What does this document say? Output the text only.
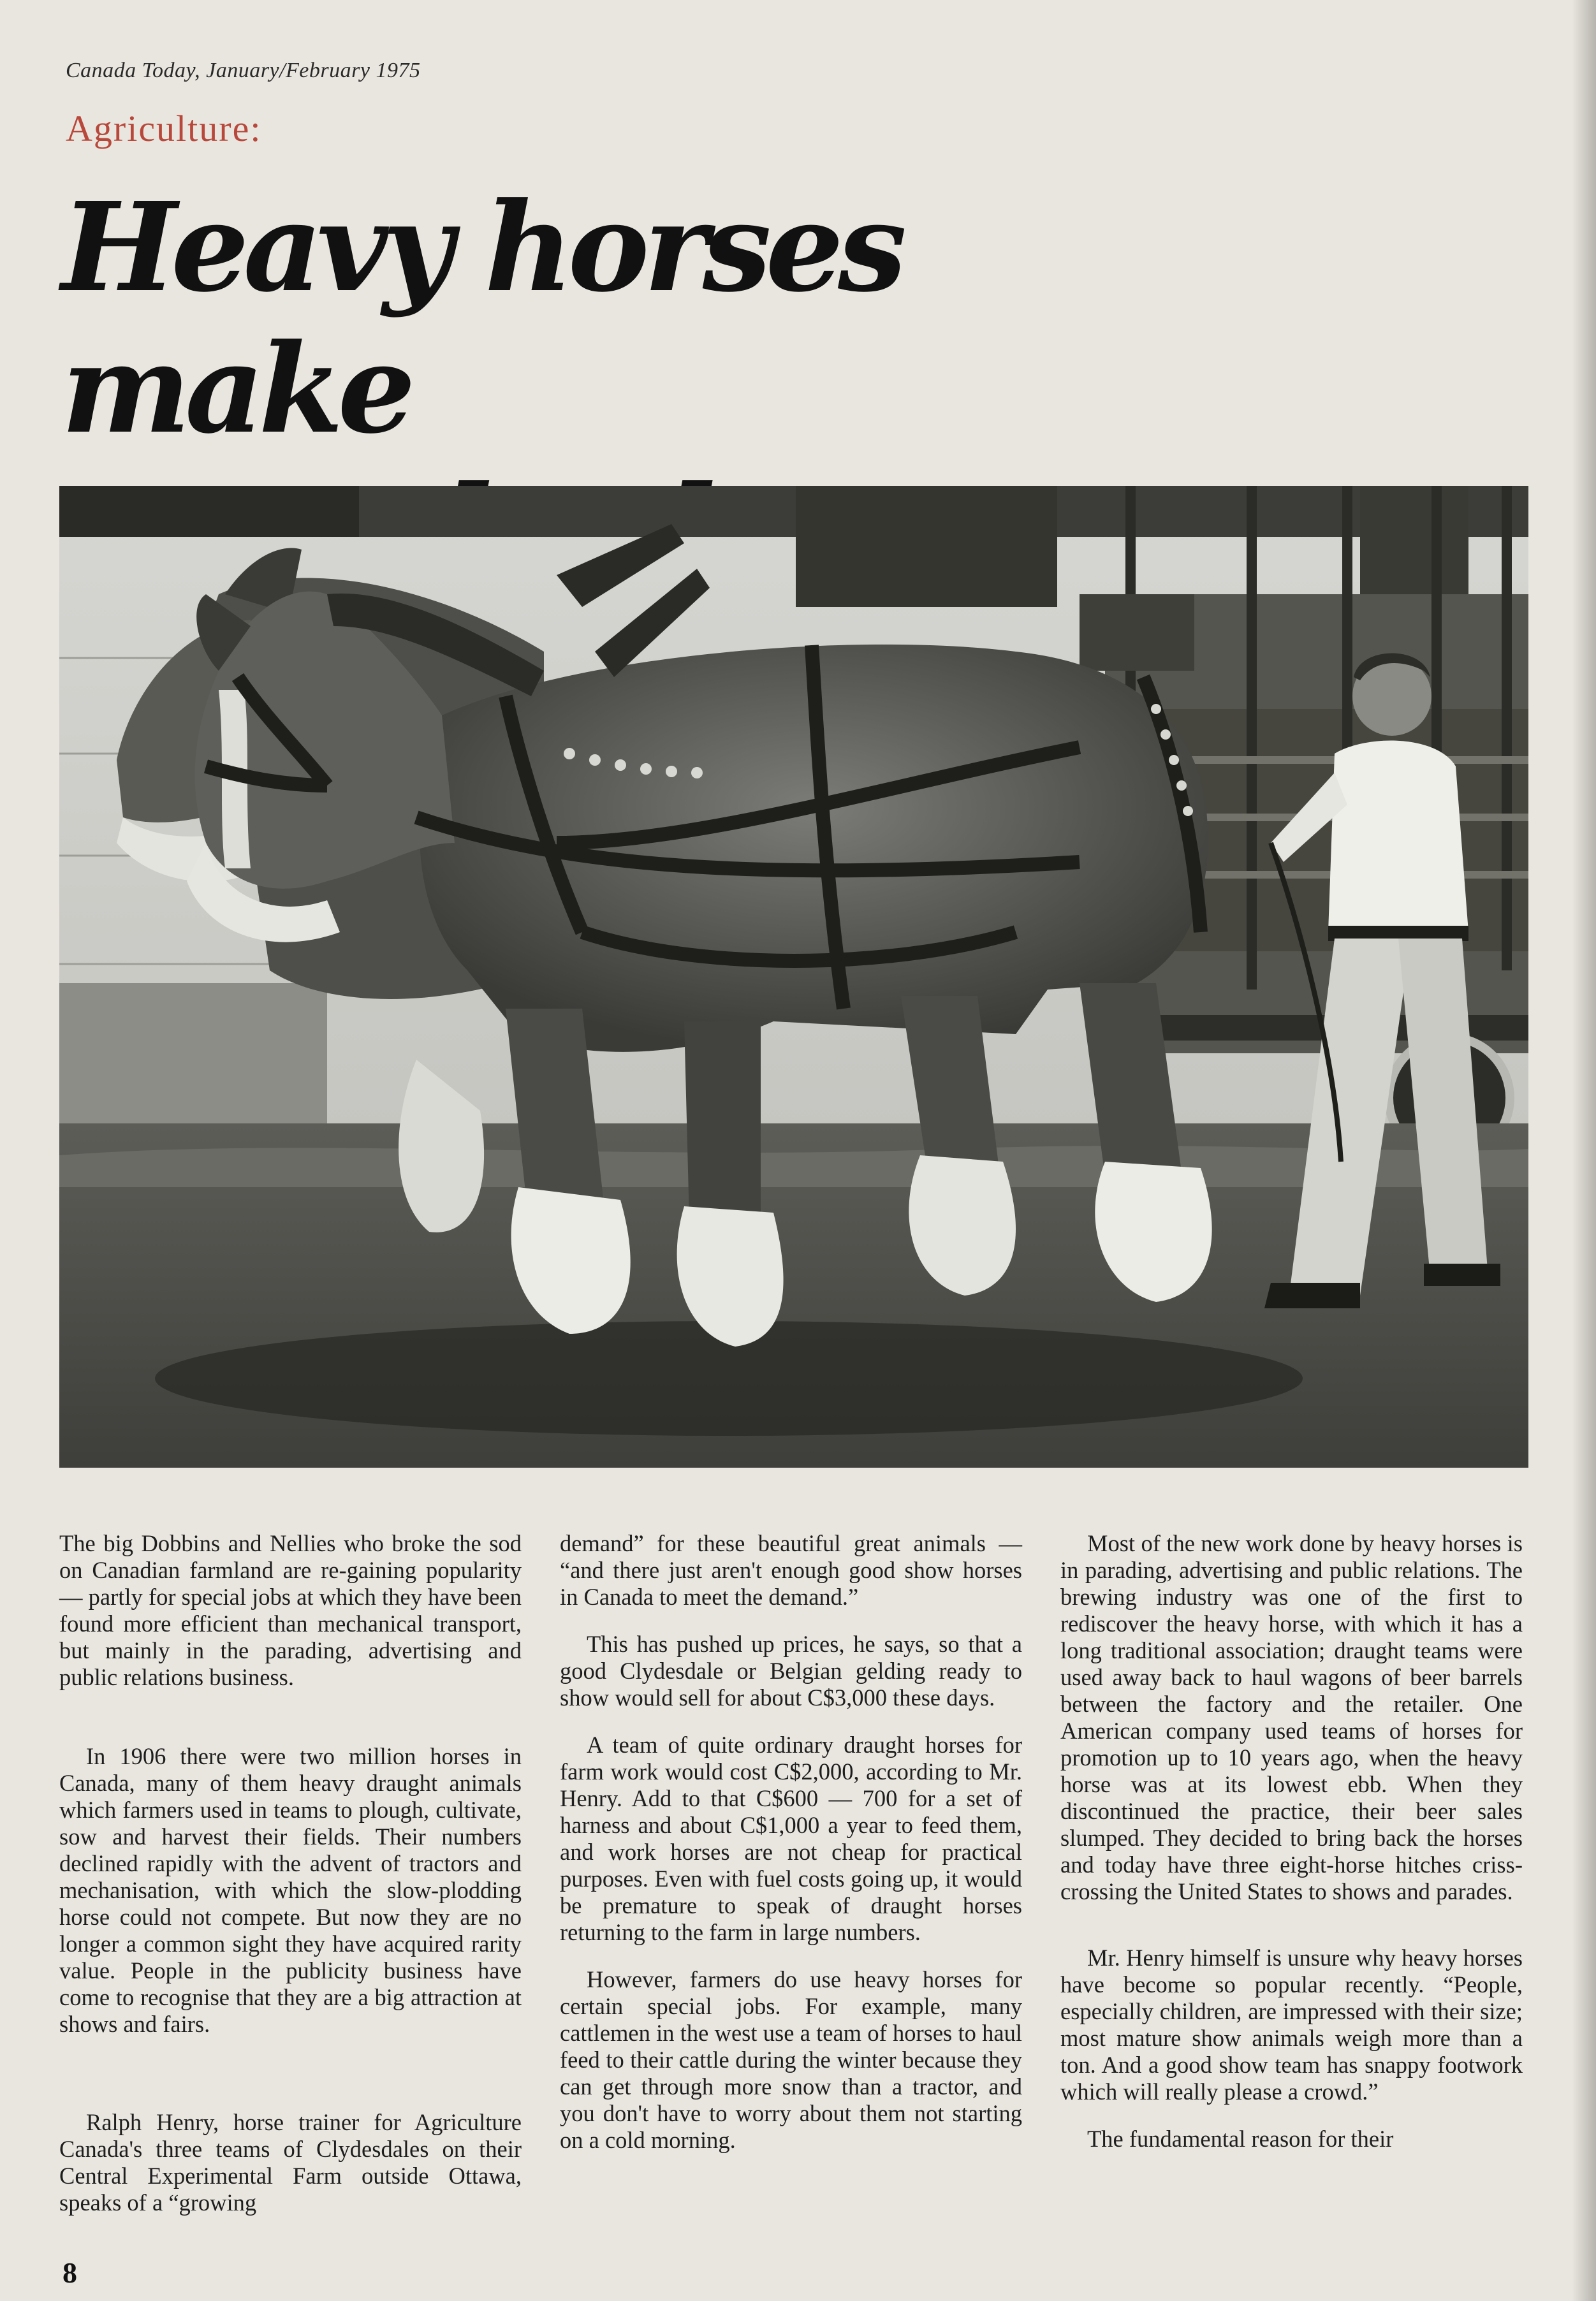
Canada Today, January/February 1975
Agriculture:
Heavy horses make

The big Dobbins and Nellies who broke the sod on Canadian farmland are re-gaining popularity — partly for special jobs at which they have been found more efficient than mechanical transport, but mainly in the parading, advertising and public relations business.

In 1906 there were two million horses in Canada, many of them heavy draught animals which farmers used in teams to plough, cultivate, sow and harvest their fields. Their numbers declined rapidly with the advent of tractors and mechanisation, with which the slow-plodding horse could not compete. But now they are no longer a common sight they have acquired rarity value. People in the publicity business have come to recognise that they are a big attraction at shows and fairs.

Ralph Henry, horse trainer for Agriculture Canada's three teams of Clydesdales on their Central Experimental Farm outside Ottawa, speaks of a “growing

demand” for these beautiful great animals — “and there just aren't enough good show horses in Canada to meet the demand.”

This has pushed up prices, he says, so that a good Clydesdale or Belgian gelding ready to show would sell for about C$3,000 these days.

A team of quite ordinary draught horses for farm work would cost C$2,000, according to Mr. Henry. Add to that C$600 — 700 for a set of harness and about C$1,000 a year to feed them, and work horses are not cheap for practical purposes. Even with fuel costs going up, it would be premature to speak of draught horses returning to the farm in large numbers.

However, farmers do use heavy horses for certain special jobs. For example, many cattlemen in the west use a team of horses to haul feed to their cattle during the winter because they can get through more snow than a tractor, and you don't have to worry about them not starting on a cold morning.

Most of the new work done by heavy horses is in parading, advertising and public relations. The brewing industry was one of the first to rediscover the heavy horse, with which it has a long traditional association; draught teams were used away back to haul wagons of beer barrels between the factory and the retailer. One American company used teams of horses for promotion up to 10 years ago, when the heavy horse was at its lowest ebb. When they discontinued the practice, their beer sales slumped. They decided to bring back the horses and today have three eight-horse hitches criss-crossing the United States to shows and parades.

Mr. Henry himself is unsure why heavy horses have become so popular recently. “People, especially children, are impressed with their size; most mature show animals weigh more than a ton. And a good show team has snappy footwork which will really please a crowd.”

The fundamental reason for their

8
